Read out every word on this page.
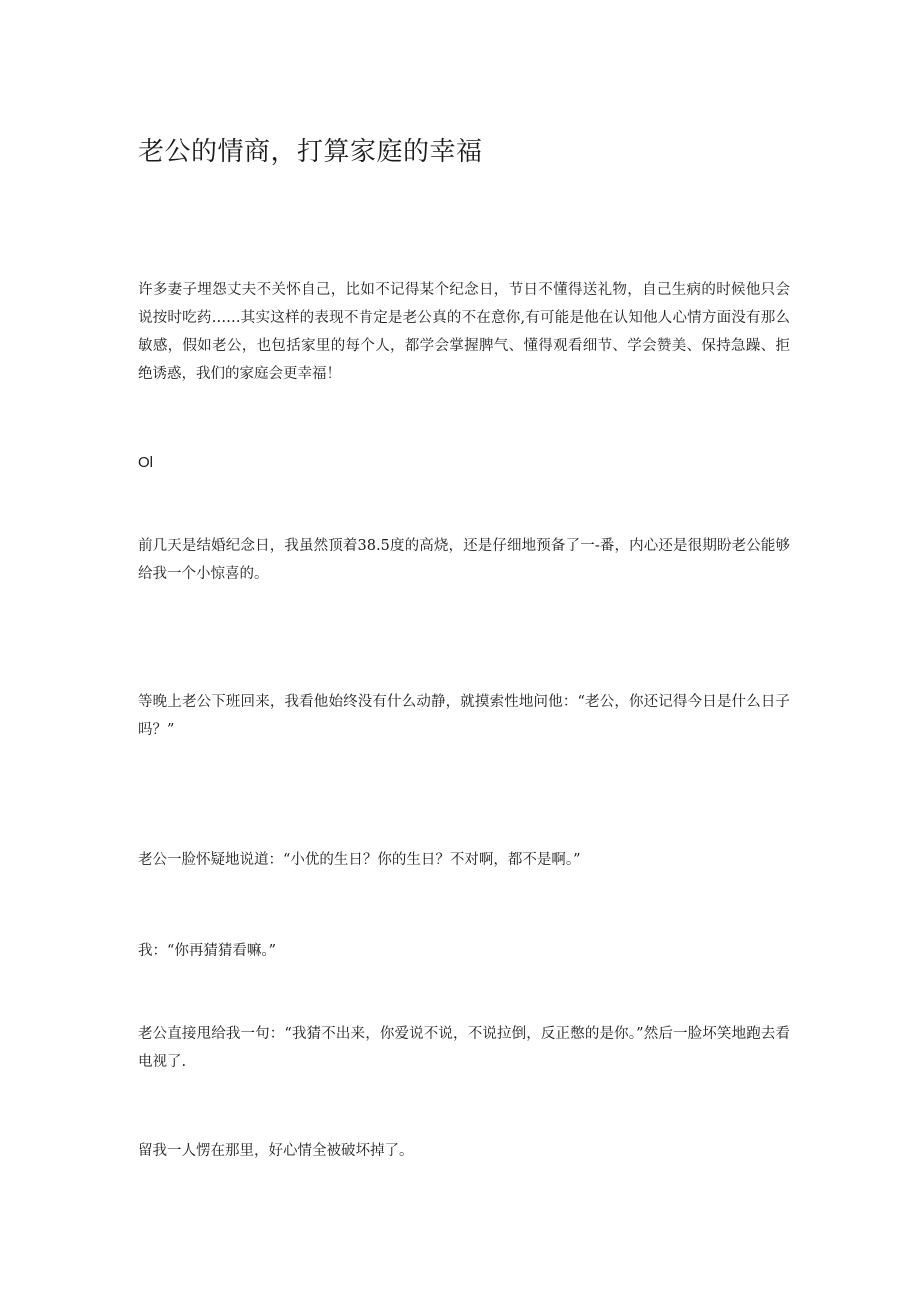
老公的情商，打算家庭的幸福

许多妻子埋怨丈夫不关怀自己，比如不记得某个纪念日，节日不懂得送礼物，自己生病的时候他只会说按时吃药……其实这样的表现不肯定是老公真的不在意你,有可能是他在认知他人心情方面没有那么敏感，假如老公，也包括家里的每个人，都学会掌握脾气、懂得观看细节、学会赞美、保持急躁、拒绝诱惑，我们的家庭会更幸福！

Ol

前几天是结婚纪念日，我虽然顶着38.5度的高烧，还是仔细地预备了一-番，内心还是很期盼老公能够给我一个小惊喜的。

等晚上老公下班回来，我看他始终没有什么动静，就摸索性地问他：“老公，你还记得今日是什么日子吗？”

老公一脸怀疑地说道：“小优的生日？你的生日？不对啊，都不是啊。”

我：“你再猜猜看嘛。”

老公直接甩给我一句：“我猜不出来，你爱说不说，不说拉倒，反正憋的是你。”然后一脸坏笑地跑去看电视了.

留我一人愣在那里，好心情全被破坏掉了。
